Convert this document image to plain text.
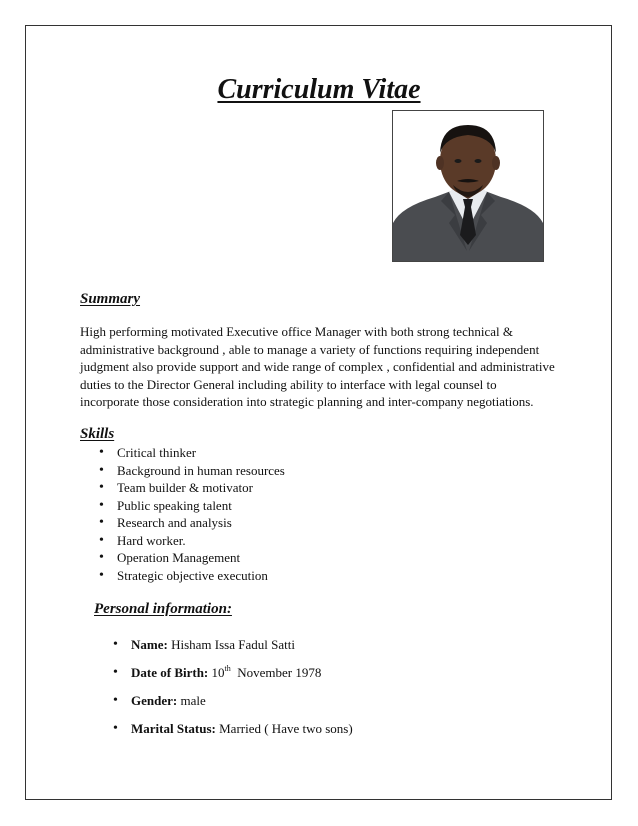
Curriculum Vitae
Summary

High performing motivated Executive office Manager with both strong technical & administrative background , able to manage a variety of functions requiring independent judgment also provide support and wide range of complex , confidential and administrative duties to the Director General including ability to interface with legal counsel to incorporate those consideration into strategic planning and inter-company negotiations.

Skills
• Critical thinker
• Background in human resources
• Team builder & motivator
• Public speaking talent
• Research and analysis
• Hard worker.
• Operation Management
• Strategic objective execution
Personal information:
• Name: Hisham Issa Fadul Satti
• Date of Birth: 10th November 1978
• Gender: male
• Marital Status: Married ( Have two sons)
